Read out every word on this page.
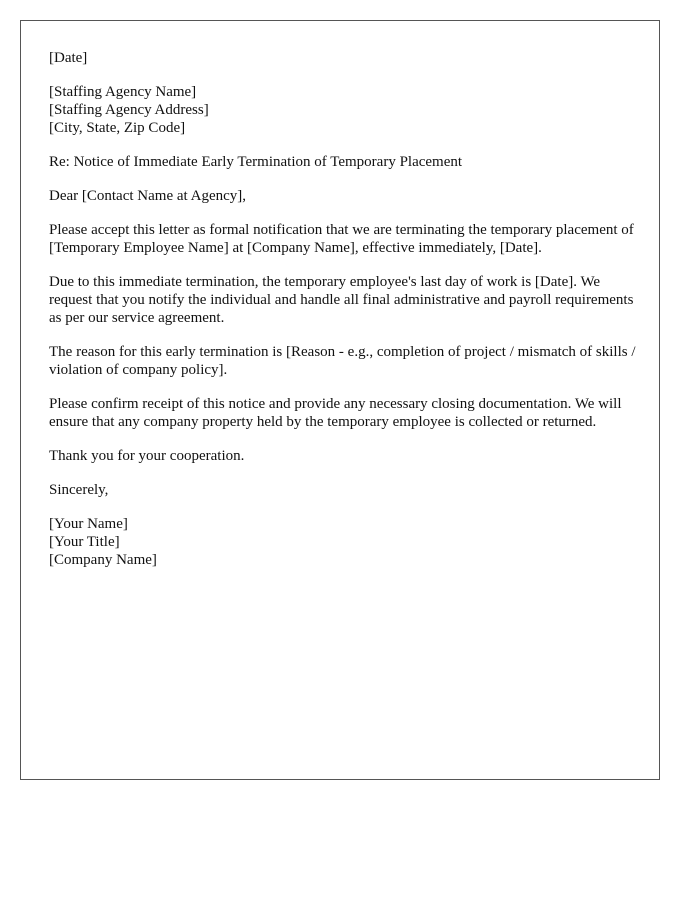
[Date]
[Staffing Agency Name]
[Staffing Agency Address]
[City, State, Zip Code]

Re: Notice of Immediate Early Termination of Temporary Placement

Dear [Contact Name at Agency],

Please accept this letter as formal notification that we are terminating the temporary placement of [Temporary Employee Name] at [Company Name], effective immediately, [Date].

Due to this immediate termination, the temporary employee's last day of work is [Date]. We request that you notify the individual and handle all final administrative and payroll requirements as per our service agreement.

The reason for this early termination is [Reason - e.g., completion of project / mismatch of skills / violation of company policy].

Please confirm receipt of this notice and provide any necessary closing documentation. We will ensure that any company property held by the temporary employee is collected or returned.

Thank you for your cooperation.

Sincerely,

[Your Name]
[Your Title]
[Company Name]
